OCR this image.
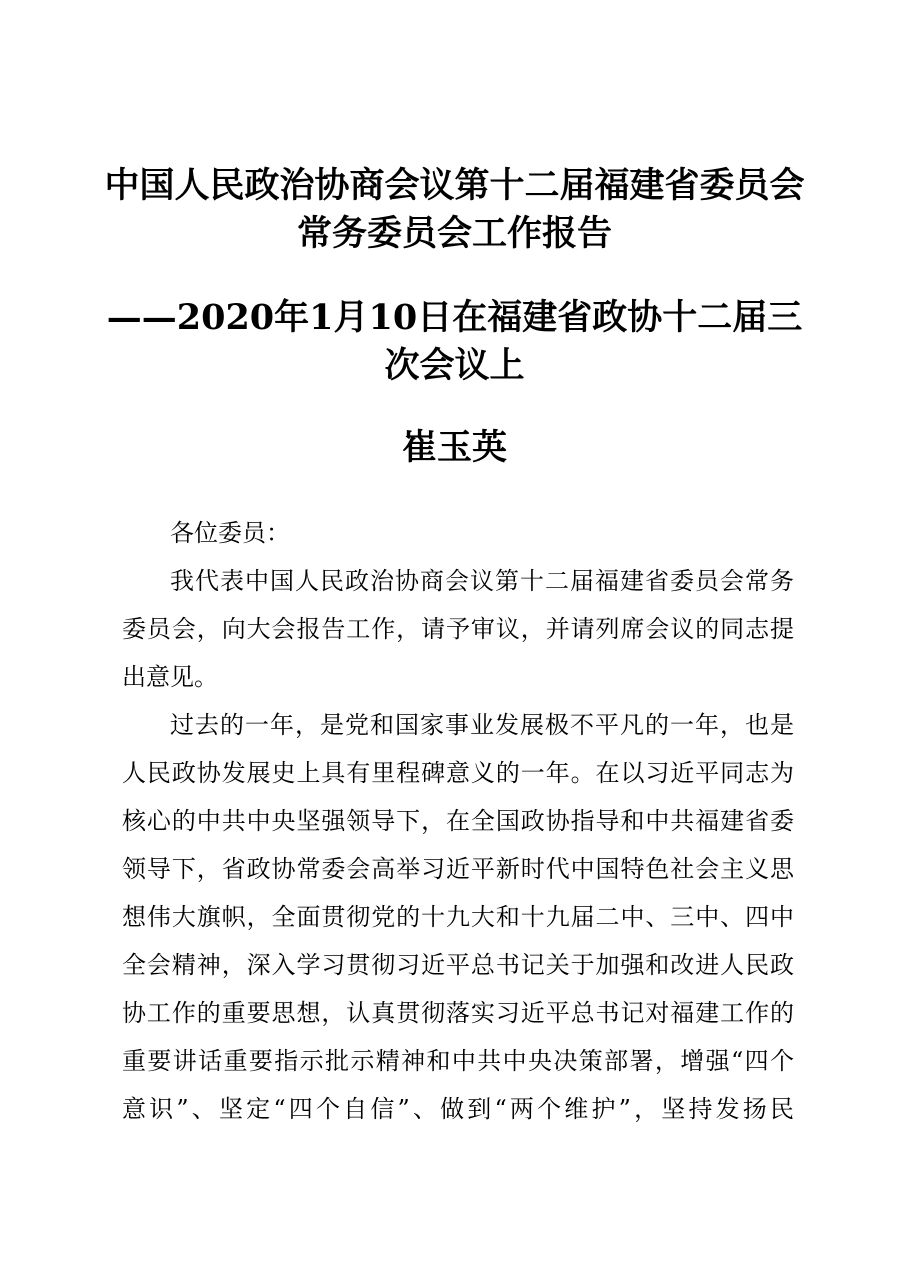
中国人民政治协商会议第十二届福建省委员会
常务委员会工作报告
——2020年1月10日在福建省政协十二届三
次会议上
崔玉英
各位委员：
我代表中国人民政治协商会议第十二届福建省委员会常务
委员会，向大会报告工作，请予审议，并请列席会议的同志提
出意见。
过去的一年，是党和国家事业发展极不平凡的一年，也是
人民政协发展史上具有里程碑意义的一年。在以习近平同志为
核心的中共中央坚强领导下，在全国政协指导和中共福建省委
领导下，省政协常委会高举习近平新时代中国特色社会主义思
想伟大旗帜，全面贯彻党的十九大和十九届二中、三中、四中
全会精神，深入学习贯彻习近平总书记关于加强和改进人民政
协工作的重要思想，认真贯彻落实习近平总书记对福建工作的
重要讲话重要指示批示精神和中共中央决策部署，增强“四个
意识”、坚定“四个自信”、做到“两个维护”，坚持发扬民
